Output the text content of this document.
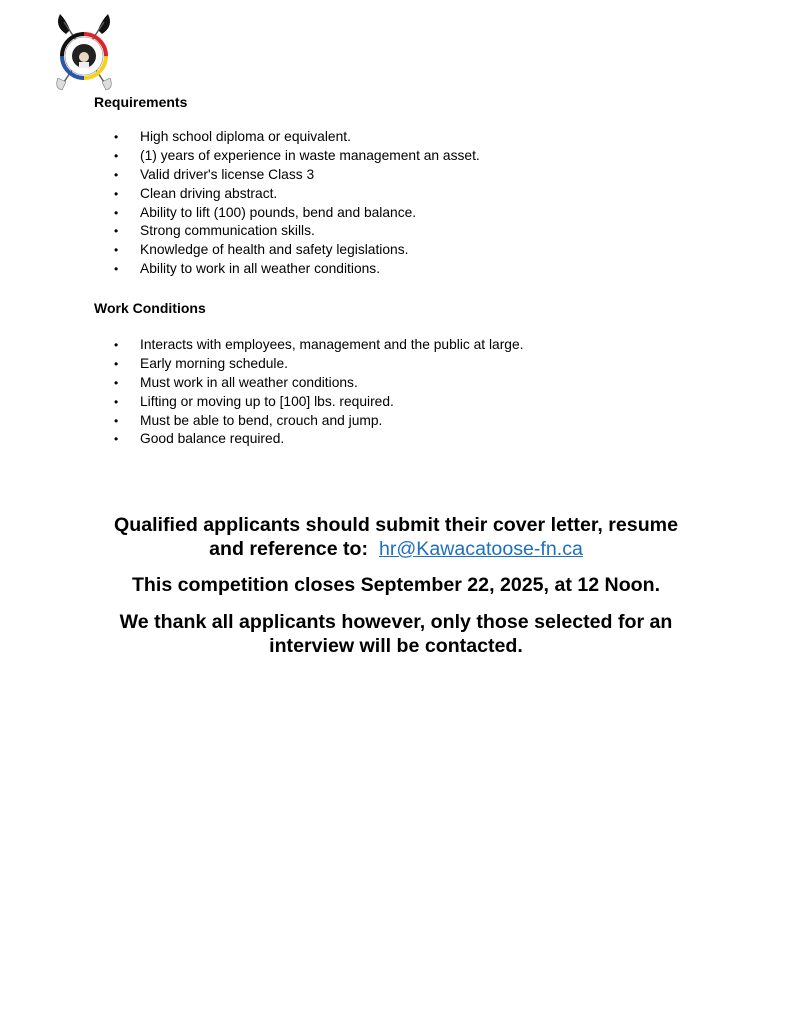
Requirements
• High school diploma or equivalent.
• (1) years of experience in waste management an asset.
• Valid driver's license Class 3
• Clean driving abstract.
• Ability to lift (100) pounds, bend and balance.
• Strong communication skills.
• Knowledge of health and safety legislations.
• Ability to work in all weather conditions.
Work Conditions
• Interacts with employees, management and the public at large.
• Early morning schedule.
• Must work in all weather conditions.
• Lifting or moving up to [100] lbs. required.
• Must be able to bend, crouch and jump.
• Good balance required.
Qualified applicants should submit their cover letter, resume
and reference to: hr@Kawacatoose-fn.ca
This competition closes September 22, 2025, at 12 Noon.
We thank all applicants however, only those selected for an
interview will be contacted.
